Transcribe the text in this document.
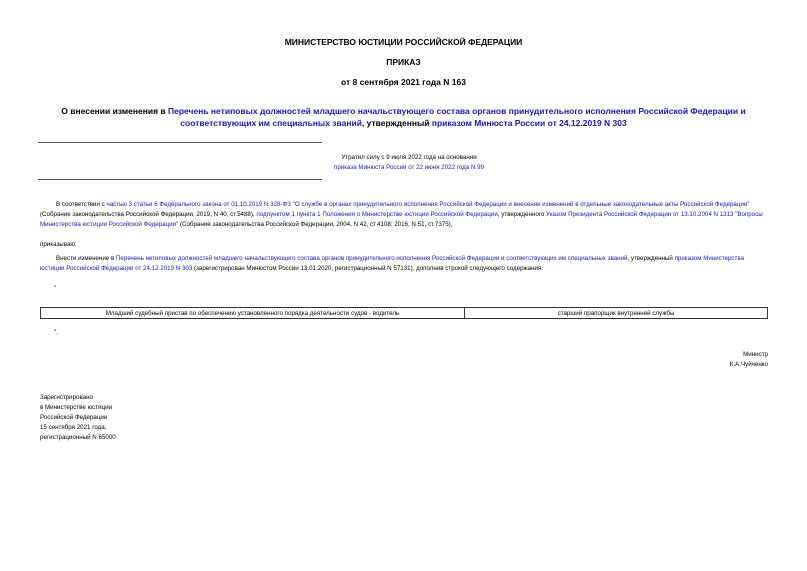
МИНИСТЕРСТВО ЮСТИЦИИ РОССИЙСКОЙ ФЕДЕРАЦИИ
ПРИКАЗ
от 8 сентября 2021 года N 163
О внесении изменения в Перечень нетиповых должностей младшего начальствующего состава органов принудительного исполнения Российской Федерации и соответствующих им специальных званий, утвержденный приказом Минюста России от 24.12.2019 N 303
Утратил силу с 9 июля 2022 года на основании
приказа Минюста России от 22 июня 2022 года N 99
В соответствии с частью 3 статьи 6 Федерального закона от 01.10.2019 N 328-ФЗ "О службе в органах принудительного исполнения Российской Федерации и внесении изменений в отдельные законодательные акты Российской Федерации" (Собрание законодательства Российской Федерации, 2019, N 40, ст.5488), подпунктом 1 пункта 1 Положения о Министерстве юстиции Российской Федерации, утвержденного Указом Президента Российской Федерации от 13.10.2004 N 1313 "Вопросы Министерства юстиции Российской Федерации" (Собрание законодательства Российской Федерации, 2004, N 42, ст.4108; 2016, N 51, ст.7375),
приказываю:
Внести изменение в Перечень нетиповых должностей младшего начальствующего состава органов принудительного исполнения Российской Федерации и соответствующих им специальных званий, утвержденный приказом Министерства юстиции Российской Федерации от 24.12.2019 N 303 (зарегистрирован Минюстом России 13.01.2020, регистрационный N 57131), дополнив строкой следующего содержания:
"
Младший судебный пристав по обеспечению установленного порядка деятельности судов - водитель	старший прапорщик внутренней службы
".
Министр
К.А.Чуйченко
Зарегистрировано
в Министерстве юстиции
Российской Федерации
15 сентября 2021 года,
регистрационный N 65000
